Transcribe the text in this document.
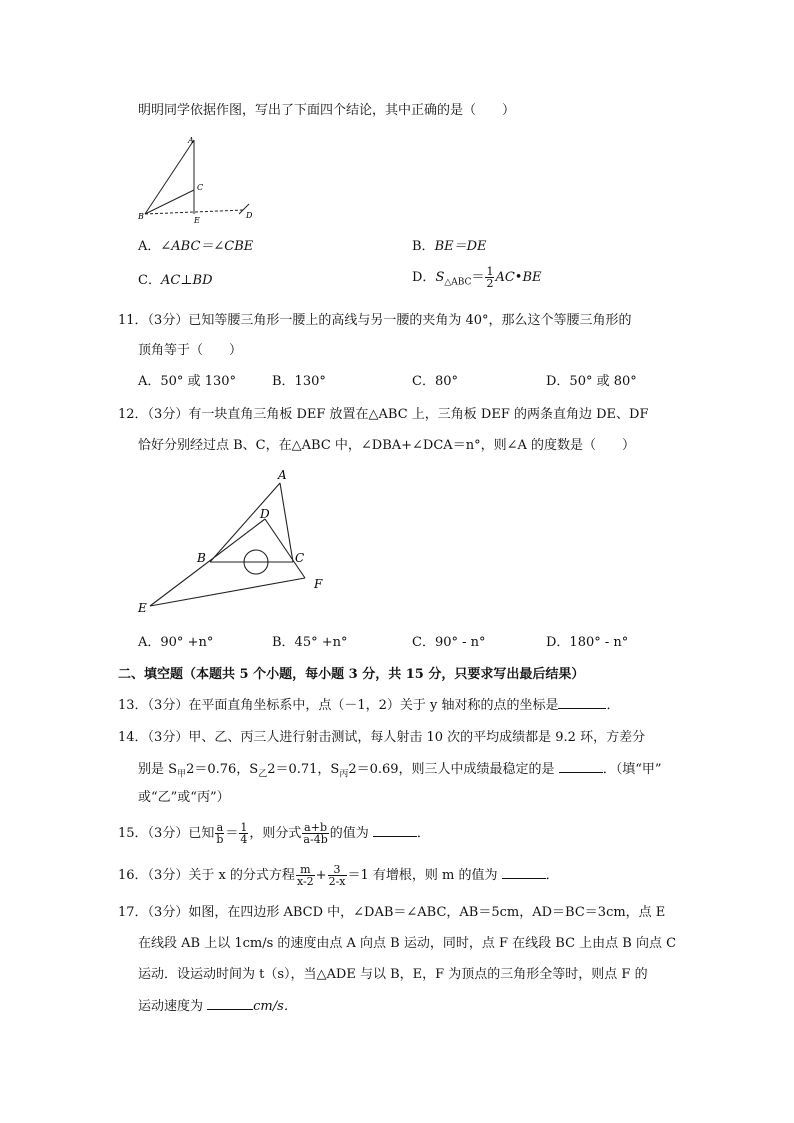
明明同学依据作图，写出了下面四个结论，其中正确的是（　　）
A
C
B	E
D
A．∠ABC＝∠CBE	B．BE＝DE
C．AC⊥BD	D．$S_{\triangle ABC}= \frac{1}{2}$ AC•BE
11．（3分）已知等腰三角形一腰上的高线与另一腰的夹角为 40°，那么这个等腰三角形的
顶角等于（　　）
A．50° 或 130°	B．130°	C．80°	D．50° 或 80°
12．（3分）有一块直角三角板 DEF 放置在△ABC 上，三角板 DEF 的两条直角边 DE、DF
恰好分别经过点 B、C，在△ABC 中，∠DBA+∠DCA＝n°，则∠A 的度数是（　　）
A
D
B	C
E
F
A．90° +n°	B．45° +n°	C．90° - n°	D．180° - n°
二、填空题（本题共 5 个小题，每小题 3 分，共 15 分，只要求写出最后结果）
13．（3分）在平面直角坐标系中，点（－1，2）关于 y 轴对称的点的坐标是	．
14．（3分）甲、乙、丙三人进行射击测试，每人射击 10 次的平均成绩都是 9.2 环，方差分
别是 $S_甲2=0.76$，$S_乙2=0.71$，$S_丙2=0.69$，则三人中成绩最稳定的是	．（填“甲”
或“乙”或“丙”）
15．（3分）已知 $\frac{a}{b} = \frac{1}{4}$ ，则分式 $\frac{a+b}{a-4b}$ 的值为	．
16．（3分）关于 x 的分式方程 $\frac{m}{x-2} + \frac{3}{2-x} =1$ 有增根，则 m 的值为	．
17．（3分）如图，在四边形 ABCD 中，∠DAB＝∠ABC，AB＝5cm，AD＝BC＝3cm，点 E
在线段 AB 上以 1cm/s 的速度由点 A 向点 B 运动，同时，点 F 在线段 BC 上由点 B 向点 C
运动．设运动时间为 t（s），当△ADE 与以 B，E，F 为顶点的三角形全等时，则点 F 的
运动速度为	cm/s．
